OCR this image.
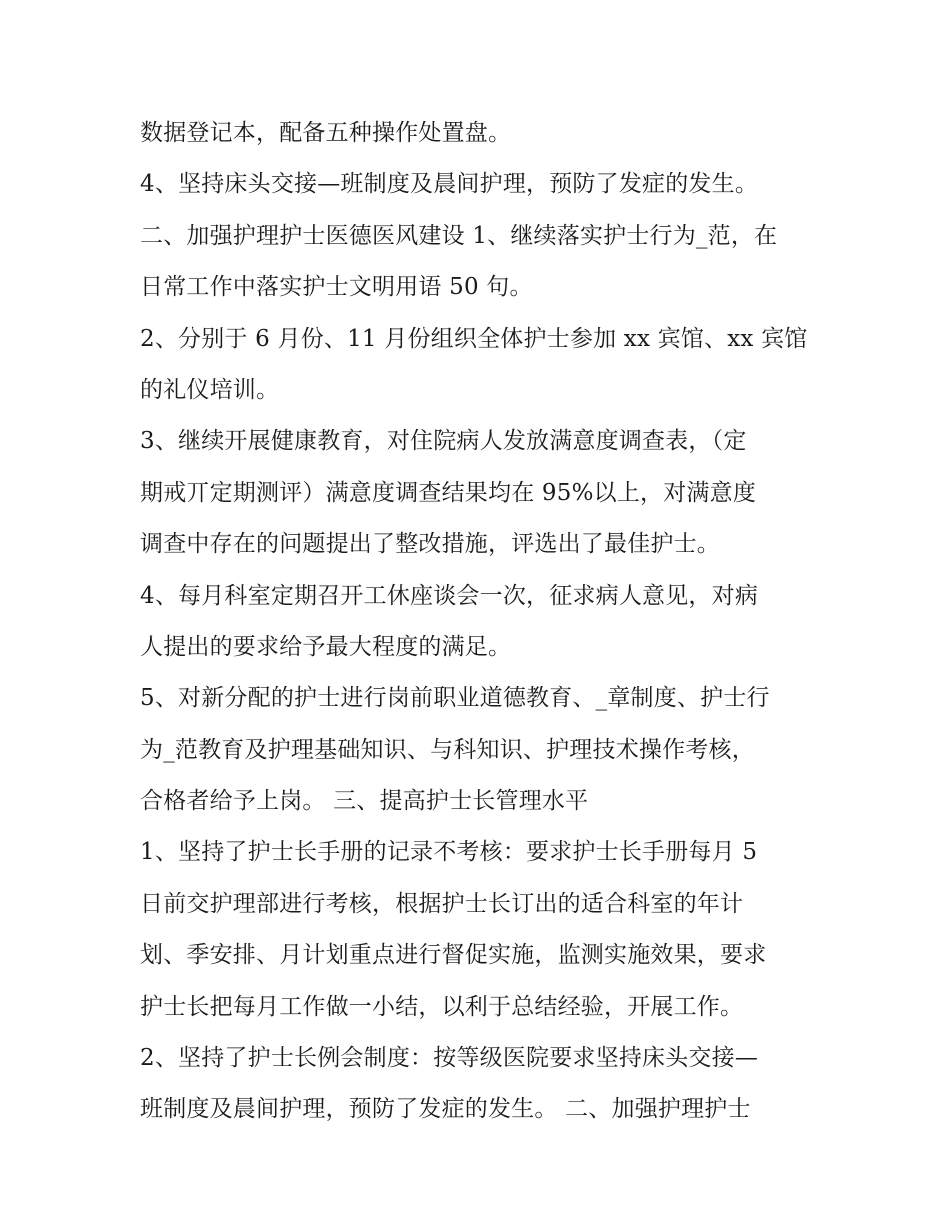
数据登记本，配备五种操作处置盘。
4、坚持床头交接—班制度及晨间护理，预防了发症的发生。
二、加强护理护士医德医风建设 1、继续落实护士行为_范，在
日常工作中落实护士文明用语 50 句。
2、分别于 6 月份、11 月份组织全体护士参加 xx 宾馆、xx 宾馆
的礼仪培训。
3、继续开展健康教育，对住院病人发放满意度调查表，（定
期戒丌定期测评）满意度调查结果均在 95%以上，对满意度
调查中存在的问题提出了整改措施，评选出了最佳护士。
4、每月科室定期召开工休座谈会一次，征求病人意见，对病
人提出的要求给予最大程度的满足。
5、对新分配的护士进行岗前职业道德教育、_章制度、护士行
为_范教育及护理基础知识、与科知识、护理技术操作考核，
合格者给予上岗。 三、提高护士长管理水平
1、坚持了护士长手册的记录不考核：要求护士长手册每月 5
日前交护理部进行考核，根据护士长订出的适合科室的年计
划、季安排、月计划重点进行督促实施，监测实施效果，要求
护士长把每月工作做一小结，以利于总结经验，开展工作。
2、坚持了护士长例会制度：按等级医院要求坚持床头交接—
班制度及晨间护理，预防了发症的发生。 二、加强护理护士
